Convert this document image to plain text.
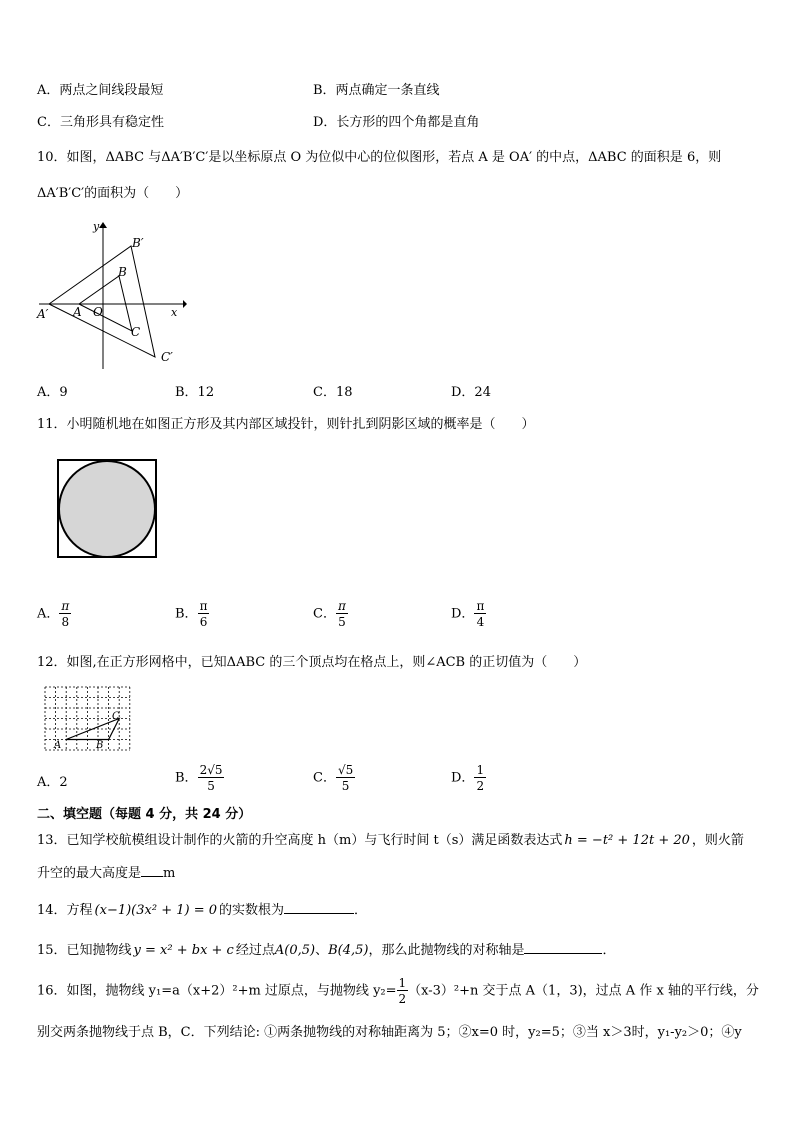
A．两点之间线段最短	B．两点确定一条直线
C．三角形具有稳定性	D．长方形的四个角都是直角
10．如图，ΔABC 与ΔA′B′C′是以坐标原点 O 为位似中心的位似图形，若点 A 是 OA′ 的中点，ΔABC 的面积是 6，则
ΔA′B′C′的面积为（　　）
y
x
B′
B
A′ A O
C
C′
A．9	B．12	C．18	D．24
11．小明随机地在如图正方形及其内部区域投针，则针扎到阴影区域的概率是（　　）
A． $\frac{\pi}{8}$	B． $\frac{\pi}{6}$	C． $\frac{\pi}{5}$	D． $\frac{\pi}{4}$
12．如图,在正方形网格中，已知ΔABC 的三个顶点均在格点上，则∠ACB 的正切值为（　　）
A	B
C
A．2	B． $\frac{2√5}{5}$	C． $\frac{√5}{5}$	D． $\frac{1}{2}$
二、填空题（每题 4 分，共 24 分）
13．已知学校航模组设计制作的火箭的升空高度 h（m）与飞行时间 t（s）满足函数表达式 h = −t² + 12t + 20 ，则火箭
升空的最大高度是 m
14．方程 (x−1)(3x² + 1) = 0 的实数根为	．
15．已知抛物线 y = x² + bx + c 经过点A(0,5)、B(4,5)，那么此抛物线的对称轴是	．
16．如图，抛物线 y₁=a（x+2）²+m 过原点，与抛物线 $y_2= \frac{1}{2} (x-3)^2+n$ 交于点 A（1，3)，过点 A 作 x 轴的平行线，分
别交两条抛物线于点 B，C．下列结论: ①两条抛物线的对称轴距离为 5；②x=0 时，y₂=5；③当 x＞3时，y₁-y₂＞0；④y
